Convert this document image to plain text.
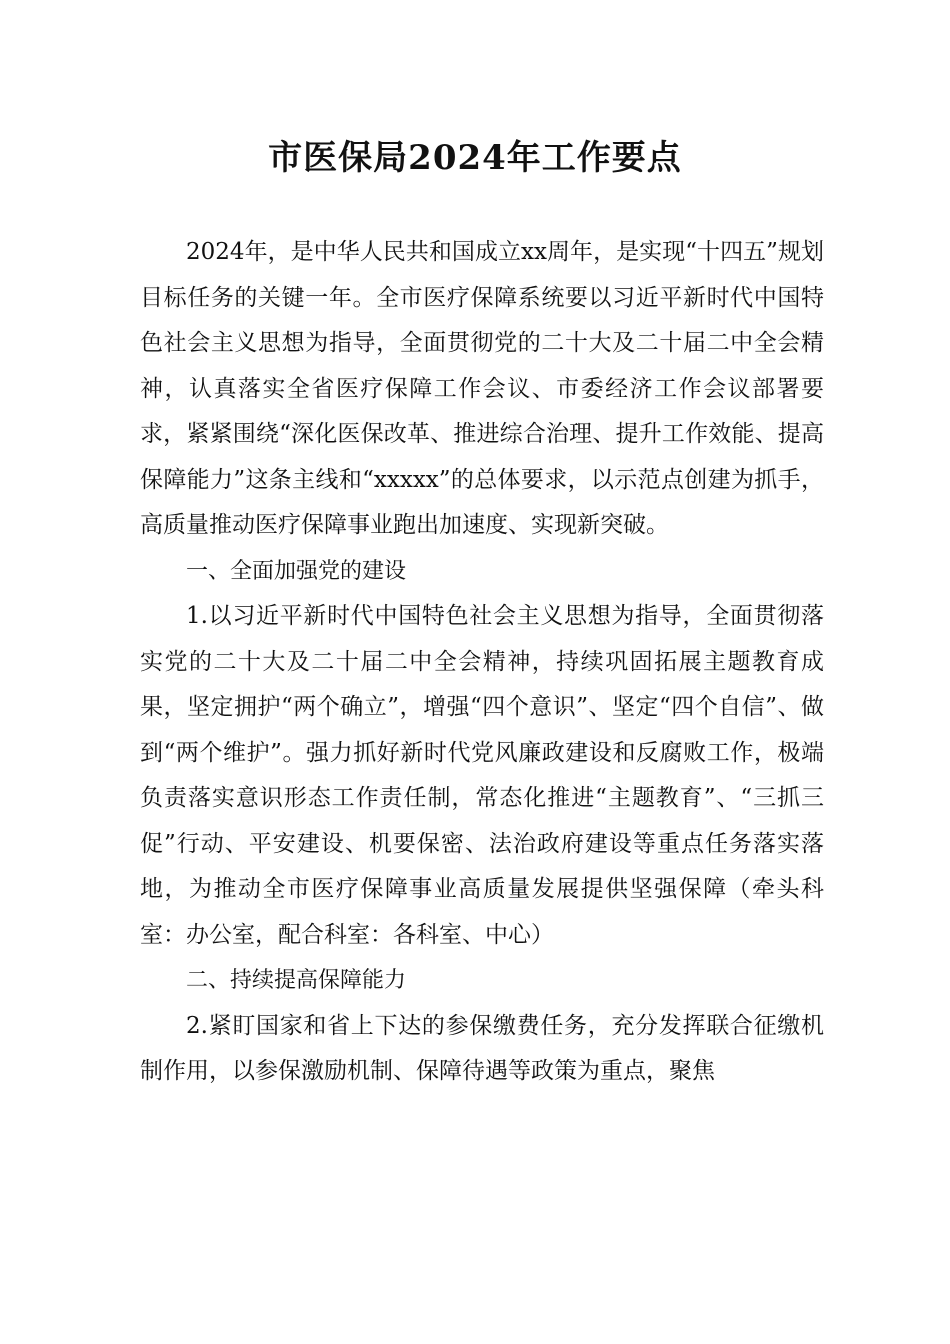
市医保局2024年工作要点

2024年，是中华人民共和国成立xx周年，是实现“十四五”规划目标任务的关键一年。全市医疗保障系统要以习近平新时代中国特色社会主义思想为指导，全面贯彻党的二十大及二十届二中全会精神，认真落实全省医疗保障工作会议、市委经济工作会议部署要求，紧紧围绕“深化医保改革、推进综合治理、提升工作效能、提高保障能力”这条主线和“xxxxx”的总体要求，以示范点创建为抓手，高质量推动医疗保障事业跑出加速度、实现新突破。

一、全面加强党的建设

1.以习近平新时代中国特色社会主义思想为指导，全面贯彻落实党的二十大及二十届二中全会精神，持续巩固拓展主题教育成果，坚定拥护“两个确立”，增强“四个意识”、坚定“四个自信”、做到“两个维护”。强力抓好新时代党风廉政建设和反腐败工作，极端负责落实意识形态工作责任制，常态化推进“主题教育”、“三抓三促”行动、平安建设、机要保密、法治政府建设等重点任务落实落地，为推动全市医疗保障事业高质量发展提供坚强保障（牵头科室：办公室，配合科室：各科室、中心）

二、持续提高保障能力

2.紧盯国家和省上下达的参保缴费任务，充分发挥联合征缴机制作用，以参保激励机制、保障待遇等政策为重点，聚焦
